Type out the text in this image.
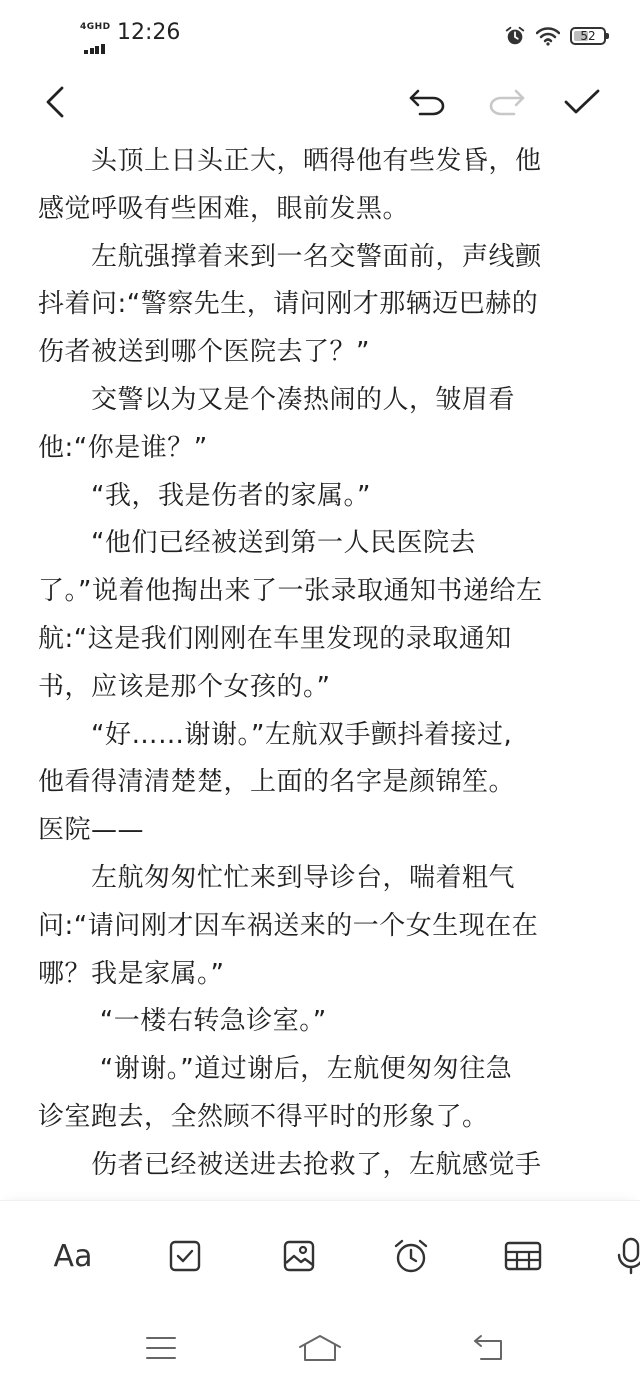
4GHD 12:26	52
　　头顶上日头正大，晒得他有些发昏，他
感觉呼吸有些困难，眼前发黑。
　　左航强撑着来到一名交警面前，声线颤
抖着问:“警察先生，请问刚才那辆迈巴赫的
伤者被送到哪个医院去了？”
　　交警以为又是个凑热闹的人，皱眉看
他:“你是谁？”
　　“我，我是伤者的家属。”
　　“他们已经被送到第一人民医院去
了。”说着他掏出来了一张录取通知书递给左
航:“这是我们刚刚在车里发现的录取通知
书，应该是那个女孩的。”
　　“好……谢谢。”左航双手颤抖着接过,
他看得清清楚楚，上面的名字是颜锦笙。
医院——
　　左航匆匆忙忙来到导诊台，喘着粗气
问:“请问刚才因车祸送来的一个女生现在在
哪？我是家属。”
　　 “一楼右转急诊室。”
　　 “谢谢。”道过谢后，左航便匆匆往急
诊室跑去，全然顾不得平时的形象了。
　　伤者已经被送进去抢救了，左航感觉手
Aa
